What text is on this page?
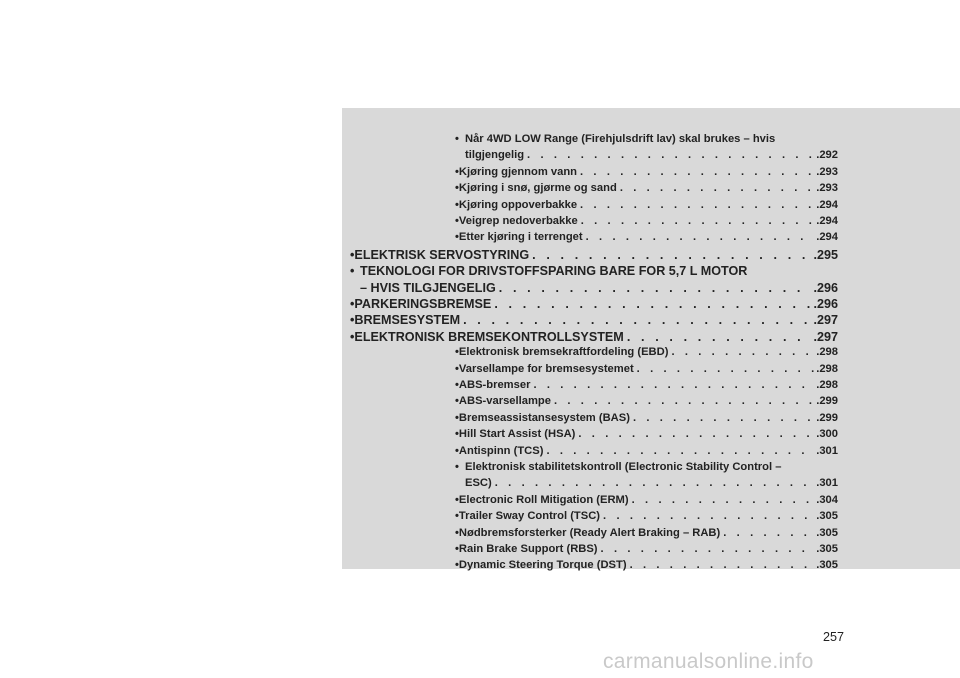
• Når 4WD LOW Range (Firehjulsdrift lav) skal brukes – hvis
tilgjengelig . . .	.292
• Kjøring gjennom vann . . .	.293
• Kjøring i snø, gjørme og sand . . .	.293
• Kjøring oppoverbakke . . .	.294
• Veigrep nedoverbakke . . .	.294
• Etter kjøring i terrenget . . .	.294
• ELEKTRISK SERVOSTYRING . . .	.295
• TEKNOLOGI FOR DRIVSTOFFSPARING BARE FOR 5,7 L MOTOR
– HVIS TILGJENGELIG . . .	.296
• PARKERINGSBREMSE . . .	.296
• BREMSESYSTEM . . .	.297
• ELEKTRONISK BREMSEKONTROLLSYSTEM . . .	.297
• Elektronisk bremsekraftfordeling (EBD) . . .	.298
• Varsellampe for bremsesystemet . . .	.298
• ABS-bremser . . .	.298
• ABS-varsellampe . . .	.299
• Bremseassistansesystem (BAS) . . .	.299
• Hill Start Assist (HSA) . . .	.300
• Antispinn (TCS) . . .	.301
• Elektronisk stabilitetskontroll (Electronic Stability Control –
ESC) . . .	.301
• Electronic Roll Mitigation (ERM) . . .	.304
• Trailer Sway Control (TSC) . . .	.305
• Nødbremsforsterker (Ready Alert Braking – RAB) . . .	.305
• Rain Brake Support (RBS) . . .	.305
• Dynamic Steering Torque (DST) . . .	.305
257
carmanualsonline.info
